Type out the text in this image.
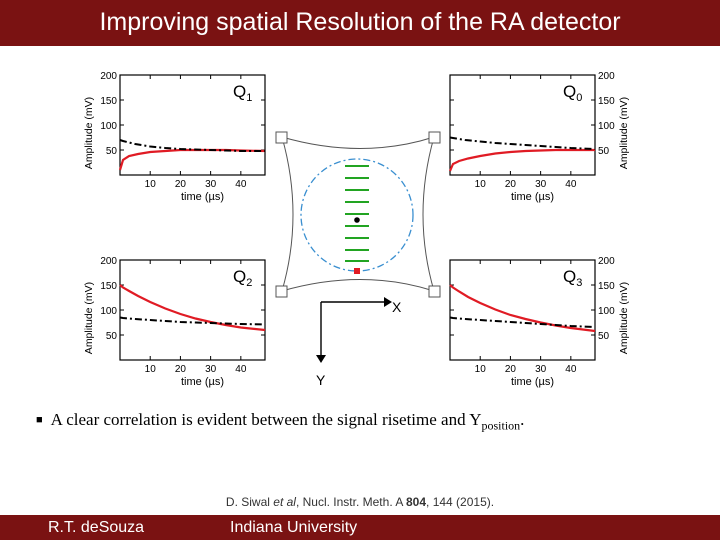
Improving spatial Resolution of the RA detector
X
Y
10 20 30 40
50
100
150
200
time (µs)
Amplitude (mV)
$Q_1$
10 20 30 40
50
100
150
200
time (µs)
Amplitude (mV)
$Q_0$
10 20 30 40
50
100
150
200
time (µs)
Amplitude (mV)
$Q_2$
10 20 30 40
50
100
150
200
time (µs)
Amplitude (mV)
$Q_3$
■ A clear correlation is evident between the signal risetime and $Y_{position}$.
D. Siwal et al, Nucl. Instr. Meth. A 804, 144 (2015).
R.T. deSouza	Indiana University
